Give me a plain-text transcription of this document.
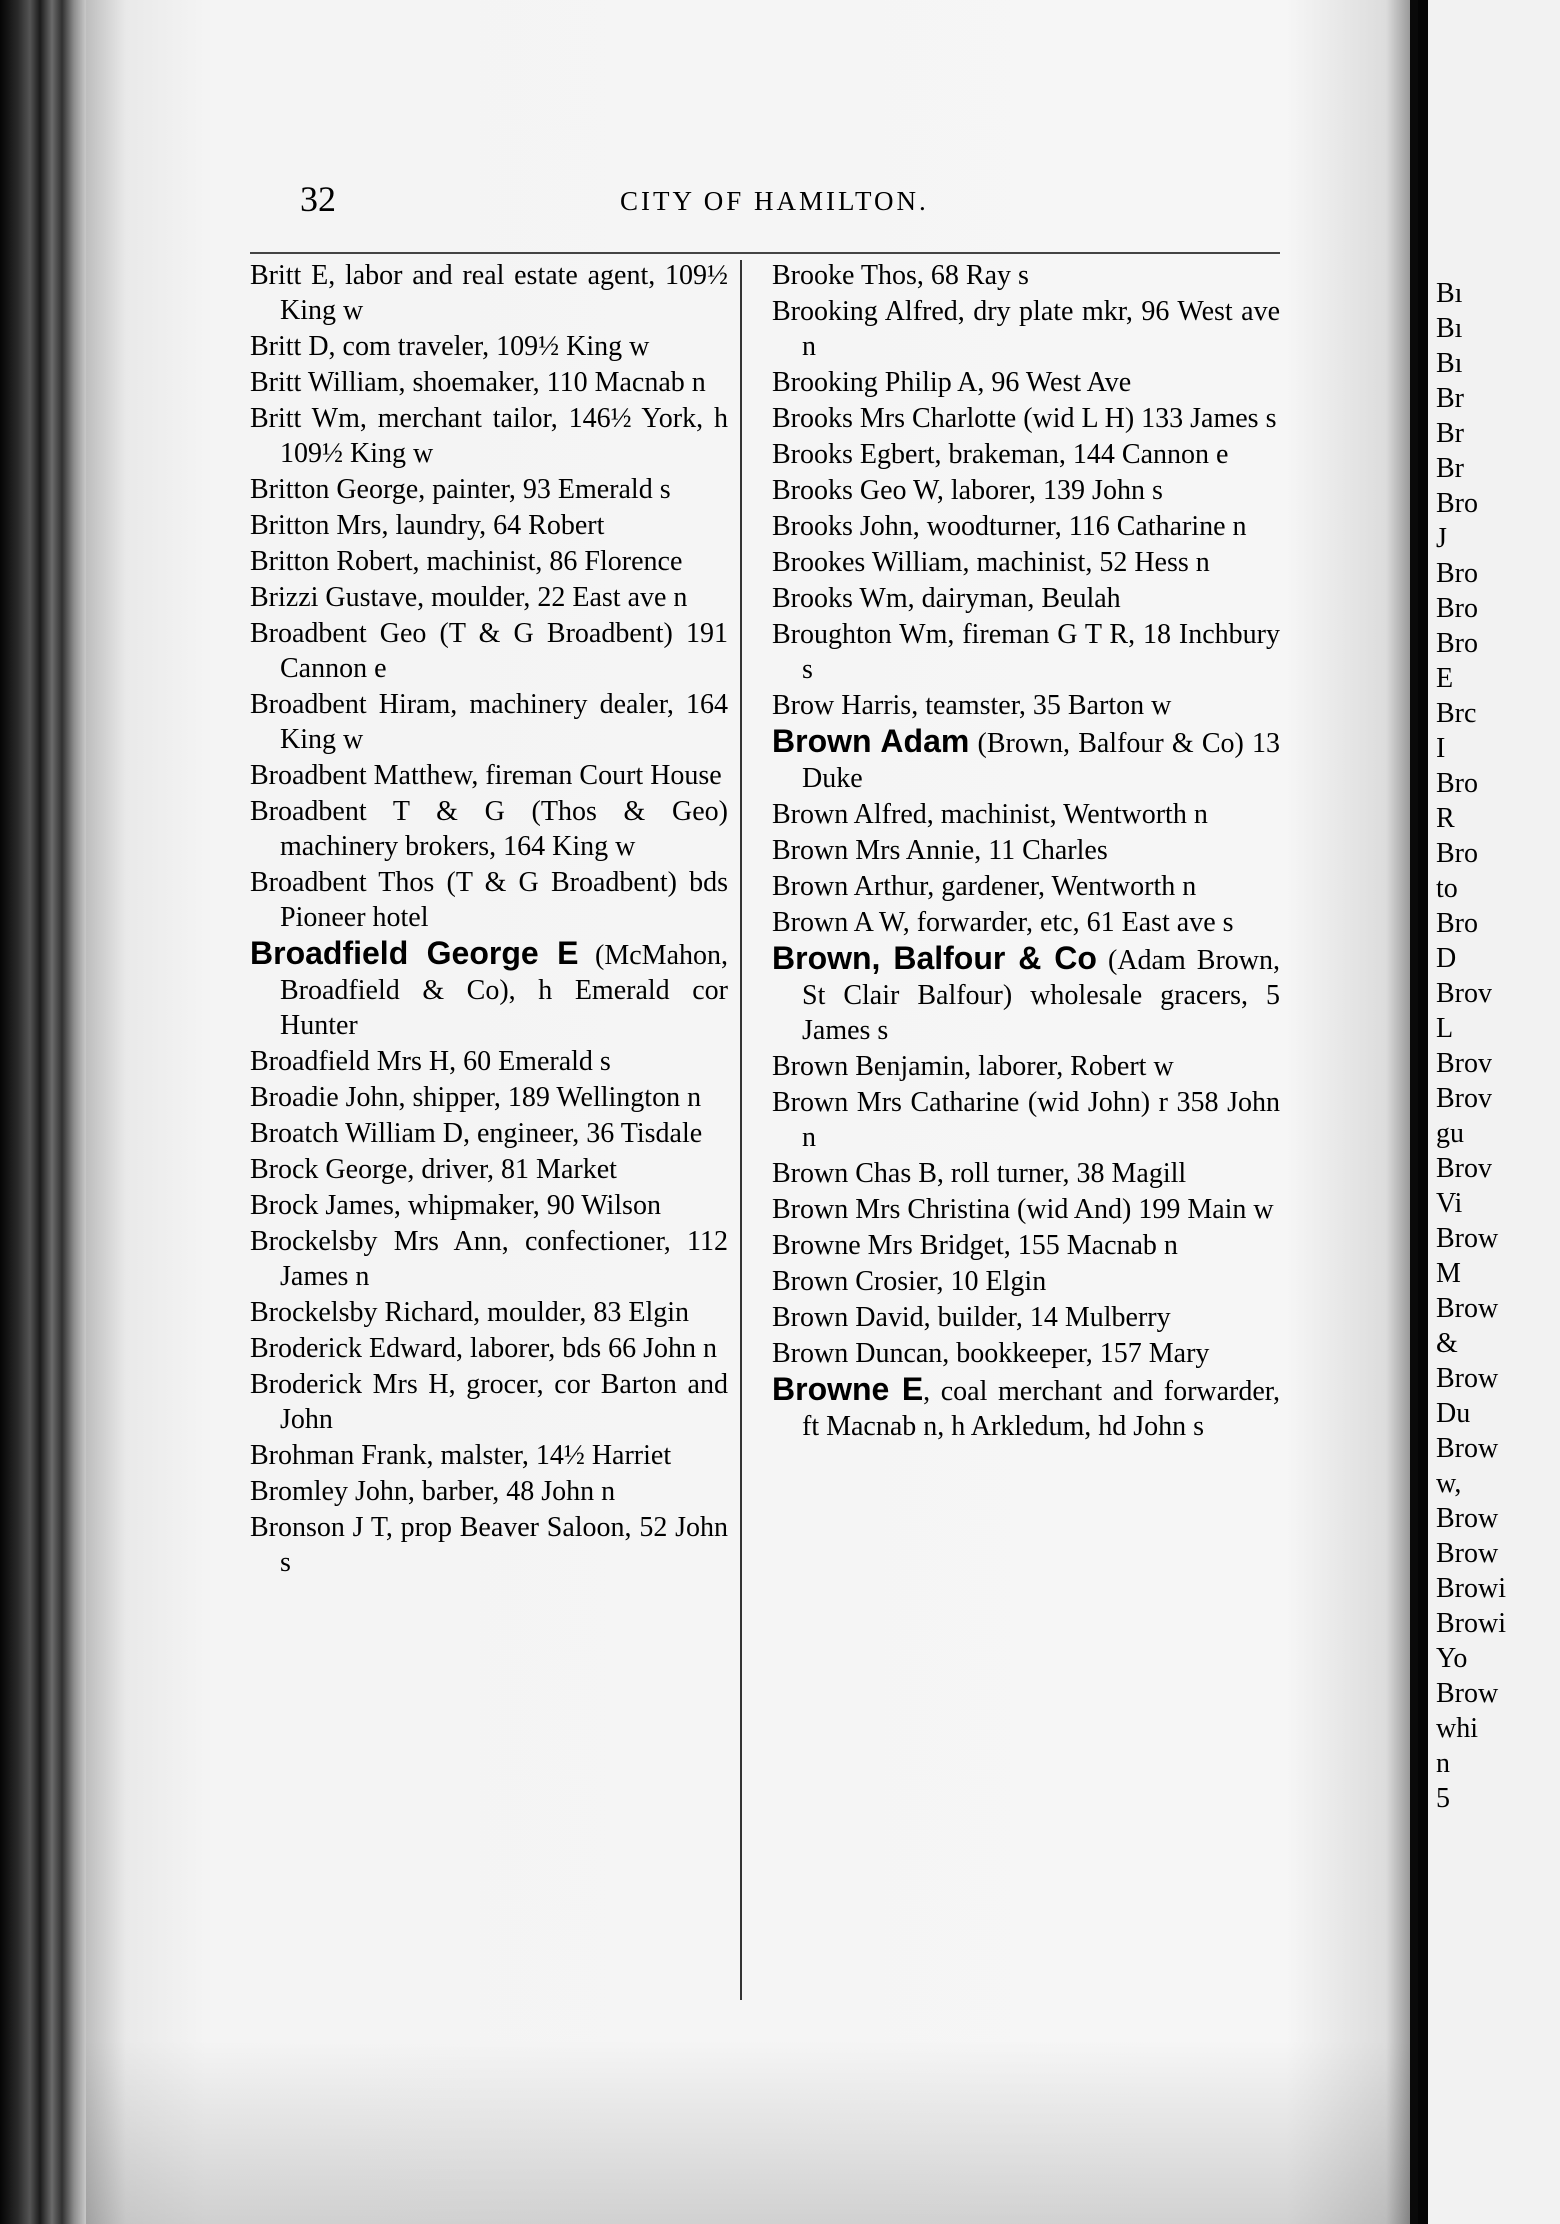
32	CITY OF HAMILTON.
Britt E, labor and real estate agent, 109½ King w
Britt D, com traveler, 109½ King w
Britt William, shoemaker, 110 Macnab n
Britt Wm, merchant tailor, 146½ York, h 109½ King w
Britton George, painter, 93 Emerald s
Britton Mrs, laundry, 64 Robert
Britton Robert, machinist, 86 Florence
Brizzi Gustave, moulder, 22 East ave n
Broadbent Geo (T & G Broadbent) 191 Cannon e
Broadbent Hiram, machinery dealer, 164 King w
Broadbent Matthew, fireman Court House
Broadbent T & G (Thos & Geo) machinery brokers, 164 King w
Broadbent Thos (T & G Broadbent) bds Pioneer hotel
Broadfield George E (McMahon, Broadfield & Co), h Emerald cor Hunter
Broadfield Mrs H, 60 Emerald s
Broadie John, shipper, 189 Wellington n
Broatch William D, engineer, 36 Tisdale
Brock George, driver, 81 Market
Brock James, whipmaker, 90 Wilson
Brockelsby Mrs Ann, confectioner, 112 James n
Brockelsby Richard, moulder, 83 Elgin
Broderick Edward, laborer, bds 66 John n
Broderick Mrs H, grocer, cor Barton and John
Brohman Frank, malster, 14½ Harriet
Bromley John, barber, 48 John n
Bronson J T, prop Beaver Saloon, 52 John s
Brooke Thos, 68 Ray s
Brooking Alfred, dry plate mkr, 96 West ave n
Brooking Philip A, 96 West Ave
Brooks Mrs Charlotte (wid L H) 133 James s
Brooks Egbert, brakeman, 144 Cannon e
Brooks Geo W, laborer, 139 John s
Brooks John, woodturner, 116 Catharine n
Brookes William, machinist, 52 Hess n
Brooks Wm, dairyman, Beulah
Broughton Wm, fireman G T R, 18 Inchbury s
Brow Harris, teamster, 35 Barton w
Brown Adam (Brown, Balfour & Co) 13 Duke
Brown Alfred, machinist, Wentworth n
Brown Mrs Annie, 11 Charles
Brown Arthur, gardener, Wentworth n
Brown A W, forwarder, etc, 61 East ave s
Brown, Balfour & Co (Adam Brown, St Clair Balfour) wholesale gracers, 5 James s
Brown Benjamin, laborer, Robert w
Brown Mrs Catharine (wid John) r 358 John n
Brown Chas B, roll turner, 38 Magill
Brown Mrs Christina (wid And) 199 Main w
Browne Mrs Bridget, 155 Macnab n
Brown Crosier, 10 Elgin
Brown David, builder, 14 Mulberry
Brown Duncan, bookkeeper, 157 Mary
Browne E, coal merchant and forwarder, ft Macnab n, h Arkledum, hd John s
Bı
Bı
Bı
Br
Br
Br
Bro
J
Bro
Bro
Bro
E
Brc
I
Bro
R
Bro
to
Bro
D
Brov
L
Brov
Brov
gu
Brov
Vi
Brow
M
Brow
&
Brow
Du
Brow
w,
Brow
Brow
Browi
Browi
Yo
Brow
whi
n
5
